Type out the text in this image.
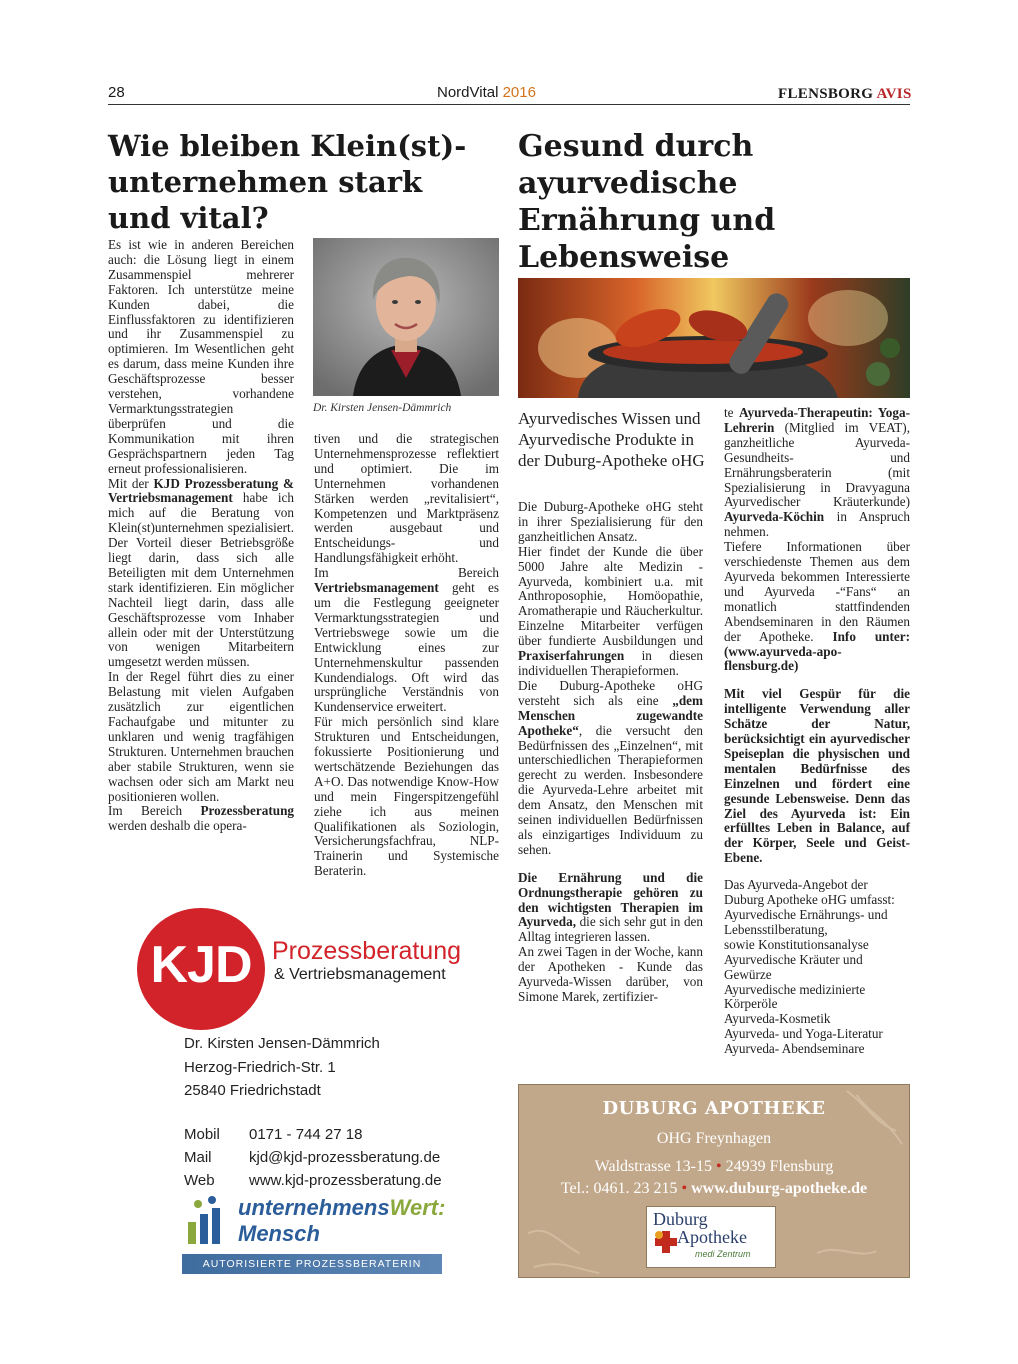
28	NordVital 2016	FLENSBORG AVIS
Wie bleiben Klein(st)-
unternehmen stark
und vital?

Es ist wie in anderen Bereichen auch: die Lösung liegt in einem Zusammenspiel mehrerer Faktoren. Ich unterstütze meine Kunden dabei, die Einflussfaktoren zu identifizieren und ihr Zusammenspiel zu optimieren. Im Wesentlichen geht es darum, dass meine Kunden ihre Geschäftsprozesse besser verstehen, vorhandene Vermarktungsstrategien überprüfen und die Kommunikation mit ihren Gesprächspartnern jeden Tag erneut professionalisieren.

Mit der KJD Prozessberatung & Vertriebsmanagement habe ich mich auf die Beratung von Klein(st)unternehmen spezialisiert. Der Vorteil dieser Betriebsgröße liegt darin, dass sich alle Beteiligten mit dem Unternehmen stark identifizieren. Ein möglicher Nachteil liegt darin, dass alle Geschäftsprozesse vom Inhaber allein oder mit der Unterstützung von wenigen Mitarbeitern umgesetzt werden müssen.

In der Regel führt dies zu einer Belastung mit vielen Aufgaben zusätzlich zur eigentlichen Fachaufgabe und mitunter zu unklaren und wenig tragfähigen Strukturen. Unternehmen brauchen aber stabile Strukturen, wenn sie wachsen oder sich am Markt neu positionieren wollen.

Im Bereich Prozessberatung werden deshalb die opera-

Dr. Kirsten Jensen-Dämmrich

tiven und die strategischen Unternehmensprozesse reflektiert und optimiert. Die im Unternehmen vorhandenen Stärken werden „revitalisiert“, Kompetenzen und Marktpräsenz werden ausgebaut und Entscheidungs- und Handlungsfähigkeit erhöht.

Im Bereich Vertriebsmanagement geht es um die Festlegung geeigneter Vermarktungsstrategien und Vertriebswege sowie um die Entwicklung eines zur Unternehmenskultur passenden Kundendialogs. Oft wird das ursprüngliche Verständnis von Kundenservice erweitert.

Für mich persönlich sind klare Strukturen und Entscheidungen, fokussierte Positionierung und wertschätzende Beziehungen das A+O. Das notwendige Know-How und mein Fingerspitzengefühl ziehe ich aus meinen Qualifikationen als Soziologin, Versicherungsfachfrau, NLP-Trainerin und Systemische Beraterin.

Gesund durch
ayurvedische
Ernährung und
Lebensweise
Ayurvedisches Wissen und Ayurvedische Produkte in der Duburg-Apotheke oHG

Die Duburg-Apotheke oHG steht in ihrer Spezialisierung für den ganzheitlichen Ansatz.

Hier findet der Kunde die über 5000 Jahre alte Medizin - Ayurveda, kombiniert u.a. mit Anthroposophie, Homöopathie, Aromatherapie und Räucherkultur. Einzelne Mitarbeiter verfügen über fundierte Ausbildungen und Praxiserfahrungen in diesen individuellen Therapieformen.

Die Duburg-Apotheke oHG versteht sich als eine „dem Menschen zugewandte Apotheke“, die versucht den Bedürfnissen des „Einzelnen“, mit unterschiedlichen Therapieformen gerecht zu werden. Insbesondere die Ayurveda-Lehre arbeitet mit dem Ansatz, den Menschen mit seinen individuellen Bedürfnissen als einzigartiges Individuum zu sehen.

Die Ernährung und die Ordnungstherapie gehören zu den wichtigsten Therapien im Ayurveda, die sich sehr gut in den Alltag integrieren lassen.

An zwei Tagen in der Woche, kann der Apotheken - Kunde das Ayurveda-Wissen darüber, von Simone Marek, zertifizier-

te Ayurveda-Therapeutin: Yoga-Lehrerin (Mitglied im VEAT), ganzheitliche Ayurveda-Gesundheits- und Ernährungsberaterin (mit Spezialisierung in Dravyaguna Ayurvedischer Kräuterkunde) Ayurveda-Köchin in Anspruch nehmen.

Tiefere Informationen über verschiedenste Themen aus dem Ayurveda bekommen Interessierte und Ayurveda -“Fans“ an monatlich stattfindenden Abendseminaren in den Räumen der Apotheke. Info unter: (www.ayurveda-apo-flensburg.de)

Mit viel Gespür für die intelligente Verwendung aller Schätze der Natur, berücksichtigt ein ayurvedischer Speiseplan die physischen und mentalen Bedürfnisse des Einzelnen und fördert eine gesunde Lebensweise. Denn das Ziel des Ayurveda ist: Ein erfülltes Leben in Balance, auf der Körper, Seele und Geist-Ebene.

Das Ayurveda-Angebot der Duburg Apotheke oHG umfasst:

Ayurvedische Ernährungs- und Lebensstilberatung,
sowie Konstitutionsanalyse
Ayurvedische Kräuter und Gewürze
Ayurvedische medizinierte Körperöle
Ayurveda-Kosmetik
Ayurveda- und Yoga-Literatur
Ayurveda- Abendseminare
KJD Prozessberatung
& Vertriebsmanagement
Dr. Kirsten Jensen-Dämmrich
Herzog-Friedrich-Str. 1
25840 Friedrichstadt
Mobil 0171 - 744 27 18
Mail kjd@kjd-prozessberatung.de
Web www.kjd-prozessberatung.de
unternehmensWert:
Mensch
AUTORISIERTE PROZESSBERATERIN
DUBURG APOTHEKE
OHG Freynhagen
Waldstrasse 13-15 • 24939 Flensburg
Tel.: 0461. 23 215 • www.duburg-apotheke.de
Duburg
Apotheke
medi Zentrum
